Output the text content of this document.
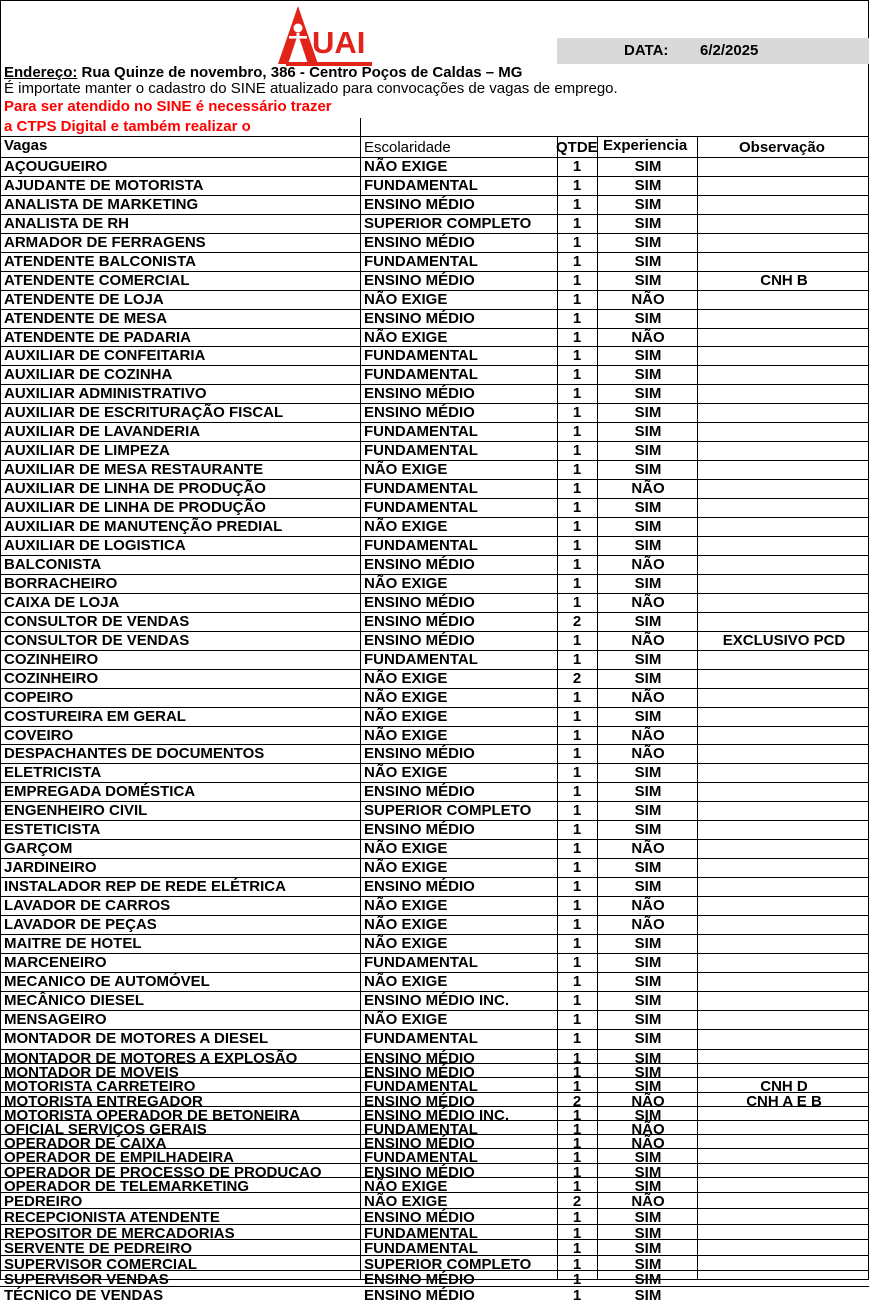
UAI	DATA: 6/2/2025
Endereço: Rua Quinze de novembro, 386 - Centro Poços de Caldas – MG
É importate manter o cadastro do SINE atualizado para convocações de vagas de emprego.
Para ser atendido no SINE é necessário trazer
a CTPS Digital e também realizar o
Vagas	Escolaridade	QTDE Experiencia	Observação
AÇOUGUEIRO	NÃO EXIGE	1	SIM
AJUDANTE DE MOTORISTA	FUNDAMENTAL	1	SIM
ANALISTA DE MARKETING	ENSINO MÉDIO	1	SIM
ANALISTA DE RH	SUPERIOR COMPLETO	1	SIM
ARMADOR DE FERRAGENS	ENSINO MÉDIO	1	SIM
ATENDENTE BALCONISTA	FUNDAMENTAL	1	SIM
ATENDENTE COMERCIAL	ENSINO MÉDIO	1	SIM	CNH B
ATENDENTE DE LOJA	NÃO EXIGE	1	NÃO
ATENDENTE DE MESA	ENSINO MÉDIO	1	SIM
ATENDENTE DE PADARIA	NÃO EXIGE	1	NÃO
AUXILIAR DE CONFEITARIA	FUNDAMENTAL	1	SIM
AUXILIAR DE COZINHA	FUNDAMENTAL	1	SIM
AUXILIAR ADMINISTRATIVO	ENSINO MÉDIO	1	SIM
AUXILIAR DE ESCRITURAÇÃO FISCAL	ENSINO MÉDIO	1	SIM
AUXILIAR DE LAVANDERIA	FUNDAMENTAL	1	SIM
AUXILIAR DE LIMPEZA	FUNDAMENTAL	1	SIM
AUXILIAR DE MESA RESTAURANTE	NÃO EXIGE	1	SIM
AUXILIAR DE LINHA DE PRODUÇÃO	FUNDAMENTAL	1	NÃO
AUXILIAR DE LINHA DE PRODUÇÃO	FUNDAMENTAL	1	SIM
AUXILIAR DE MANUTENÇÃO PREDIAL	NÃO EXIGE	1	SIM
AUXILIAR DE LOGISTICA	FUNDAMENTAL	1	SIM
BALCONISTA	ENSINO MÉDIO	1	NÃO
BORRACHEIRO	NÃO EXIGE	1	SIM
CAIXA DE LOJA	ENSINO MÉDIO	1	NÃO
CONSULTOR DE VENDAS	ENSINO MÉDIO	2	SIM
CONSULTOR DE VENDAS	ENSINO MÉDIO	1	NÃO	EXCLUSIVO PCD
COZINHEIRO	FUNDAMENTAL	1	SIM
COZINHEIRO	NÃO EXIGE	2	SIM
COPEIRO	NÃO EXIGE	1	NÃO
COSTUREIRA EM GERAL	NÃO EXIGE	1	SIM
COVEIRO	NÃO EXIGE	1	NÃO
DESPACHANTES DE DOCUMENTOS	ENSINO MÉDIO	1	NÃO
ELETRICISTA	NÃO EXIGE	1	SIM
EMPREGADA DOMÉSTICA	ENSINO MÉDIO	1	SIM
ENGENHEIRO CIVIL	SUPERIOR COMPLETO	1	SIM
ESTETICISTA	ENSINO MÉDIO	1	SIM
GARÇOM	NÃO EXIGE	1	NÃO
JARDINEIRO	NÃO EXIGE	1	SIM
INSTALADOR REP DE REDE ELÉTRICA	ENSINO MÉDIO	1	SIM
LAVADOR DE CARROS	NÃO EXIGE	1	NÃO
LAVADOR DE PEÇAS	NÃO EXIGE	1	NÃO
MAITRE DE HOTEL	NÃO EXIGE	1	SIM
MARCENEIRO	FUNDAMENTAL	1	SIM
MECANICO DE AUTOMÓVEL	NÃO EXIGE	1	SIM
MECÂNICO DIESEL	ENSINO MÉDIO INC.	1	SIM
MENSAGEIRO	NÃO EXIGE	1	SIM
MONTADOR DE MOTORES A DIESEL	FUNDAMENTAL	1	SIM
MONTADOR DE MOTORES A EXPLOSÃO	ENSINO MÉDIO	1	SIM
MONTADOR DE MOVEIS	ENSINO MÉDIO	1	SIM
MOTORISTA CARRETEIRO	FUNDAMENTAL	1	SIM	CNH D
MOTORISTA ENTREGADOR	ENSINO MÉDIO	2	NÃO	CNH A E B
MOTORISTA OPERADOR DE BETONEIRA	ENSINO MÉDIO INC.	1	SIM
OFICIAL SERVIÇOS GERAIS	FUNDAMENTAL	1	NÃO
OPERADOR DE CAIXA	ENSINO MÉDIO	1	NÃO
OPERADOR DE EMPILHADEIRA	FUNDAMENTAL	1	SIM
OPERADOR DE PROCESSO DE PRODUCAO	ENSINO MÉDIO	1	SIM
OPERADOR DE TELEMARKETING	NÃO EXIGE	1	SIM
PEDREIRO	NÃO EXIGE	2	NÃO
RECEPCIONISTA ATENDENTE	ENSINO MÉDIO	1	SIM
REPOSITOR DE MERCADORIAS	FUNDAMENTAL	1	SIM
SERVENTE DE PEDREIRO	FUNDAMENTAL	1	SIM
SUPERVISOR COMERCIAL	SUPERIOR COMPLETO	1	SIM
SUPERVISOR VENDAS	ENSINO MÉDIO	1	SIM
TÉCNICO DE VENDAS	ENSINO MÉDIO	1	SIM
